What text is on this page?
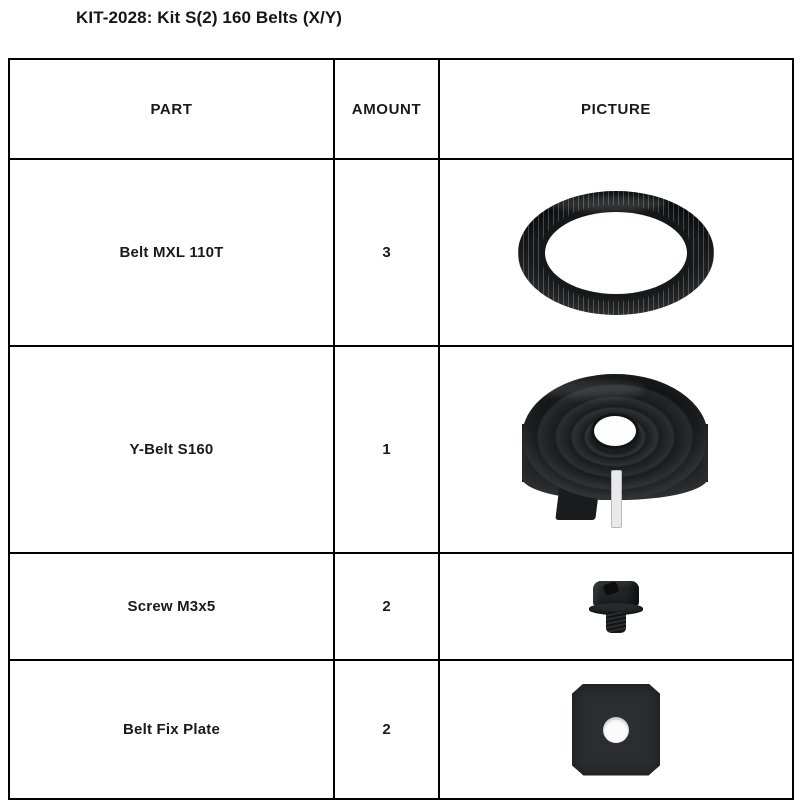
KIT-2028: Kit S(2) 160 Belts (X/Y)
PART	AMOUNT	PICTURE
Belt MXL 110T	3	

Y-Belt S160	1	

Screw M3x5	2	

Belt Fix Plate	2	
